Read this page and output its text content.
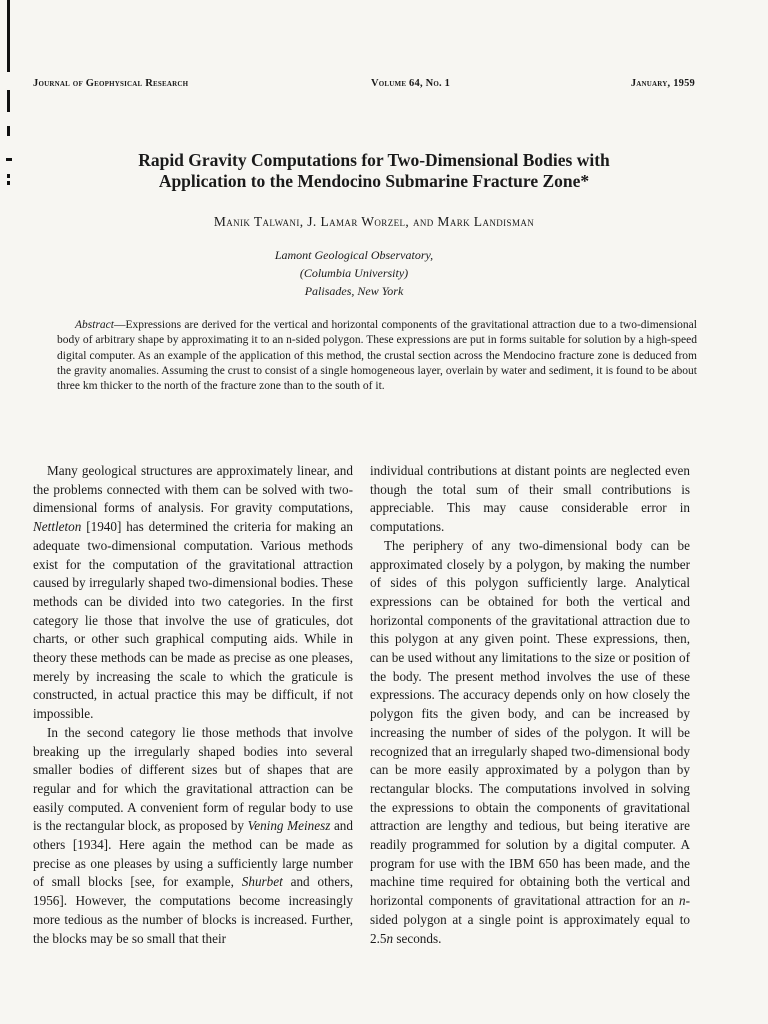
Journal of Geophysical Research	Volume 64, No. 1	January, 1959
Rapid Gravity Computations for Two-Dimensional Bodies with
Application to the Mendocino Submarine Fracture Zone*
Manik Talwani, J. Lamar Worzel, and Mark Landisman
Lamont Geological Observatory,
(Columbia University)
Palisades, New York
Abstract—Expressions are derived for the vertical and horizontal components of the gravitational attraction due to a two-dimensional body of arbitrary shape by approximating it to an n-sided polygon. These expressions are put in forms suitable for solution by a high-speed digital computer. As an example of the application of this method, the crustal section across the Mendocino fracture zone is deduced from the gravity anomalies. Assuming the crust to consist of a single homogeneous layer, overlain by water and sediment, it is found to be about three km thicker to the north of the fracture zone than to the south of it.

Many geological structures are approximately linear, and the problems connected with them can be solved with two-dimensional forms of analysis. For gravity computations, Nettleton [1940] has determined the criteria for making an adequate two-dimensional computation. Various methods exist for the computation of the gravitational attraction caused by irregularly shaped two-dimensional bodies. These methods can be divided into two categories. In the first category lie those that involve the use of graticules, dot charts, or other such graphical computing aids. While in theory these methods can be made as precise as one pleases, merely by increasing the scale to which the graticule is constructed, in actual practice this may be difficult, if not impossible.

In the second category lie those methods that involve breaking up the irregularly shaped bodies into several smaller bodies of different sizes but of shapes that are regular and for which the gravitational attraction can be easily computed. A convenient form of regular body to use is the rectangular block, as proposed by Vening Meinesz and others [1934]. Here again the method can be made as precise as one pleases by using a sufficiently large number of small blocks [see, for example, Shurbet and others, 1956]. However, the computations become increasingly more tedious as the number of blocks is increased. Further, the blocks may be so small that their

individual contributions at distant points are neglected even though the total sum of their small contributions is appreciable. This may cause considerable error in computations.

The periphery of any two-dimensional body can be approximated closely by a polygon, by making the number of sides of this polygon sufficiently large. Analytical expressions can be obtained for both the vertical and horizontal components of the gravitational attraction due to this polygon at any given point. These expressions, then, can be used without any limitations to the size or position of the body. The present method involves the use of these expressions. The accuracy depends only on how closely the polygon fits the given body, and can be increased by increasing the number of sides of the polygon. It will be recognized that an irregularly shaped two-dimensional body can be more easily approximated by a polygon than by rectangular blocks. The computations involved in solving the expressions to obtain the components of gravitational attraction are lengthy and tedious, but being iterative are readily programmed for solution by a digital computer. A program for use with the IBM 650 has been made, and the machine time required for obtaining both the vertical and horizontal components of gravitational attraction for an n-sided polygon at a single point is approximately equal to 2.5n seconds.
